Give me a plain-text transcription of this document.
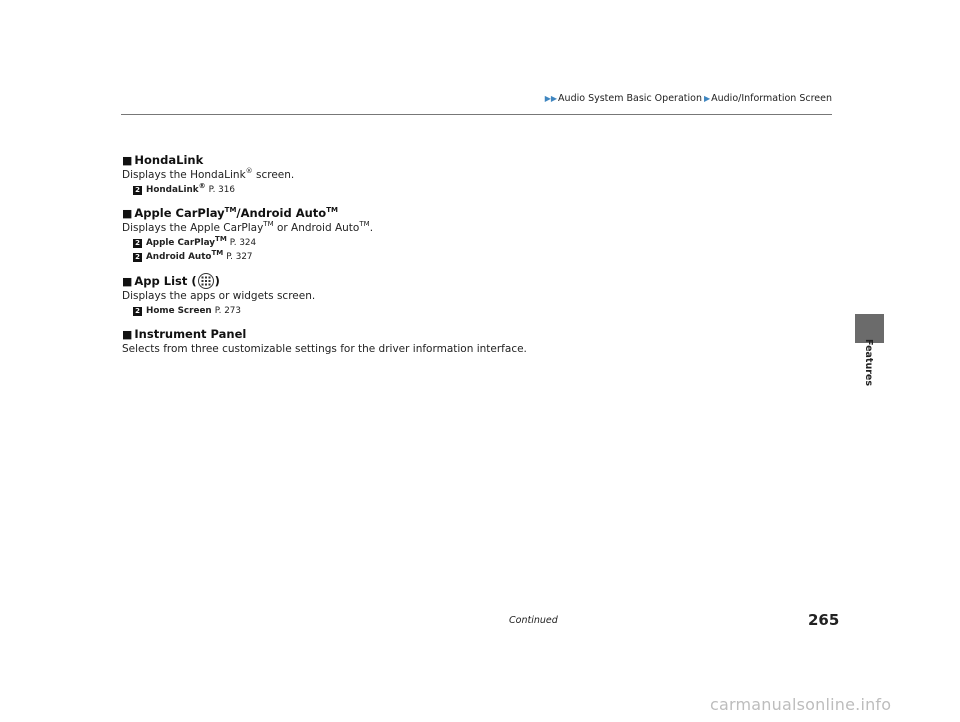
▶▶ Audio System Basic Operation ▶ Audio/Information Screen
Features
■ HondaLink
Displays the HondaLink® screen.
2 HondaLink® P. 316
■ Apple CarPlay™/Android Auto™
Displays the Apple CarPlay™ or Android Auto™.
2 Apple CarPlay™ P. 324
2 Android Auto™ P. 327
■ App List ( )
Displays the apps or widgets screen.
2 Home Screen P. 273
■ Instrument Panel
Selects from three customizable settings for the driver information interface.
Continued	265
carmanualsonline.info
